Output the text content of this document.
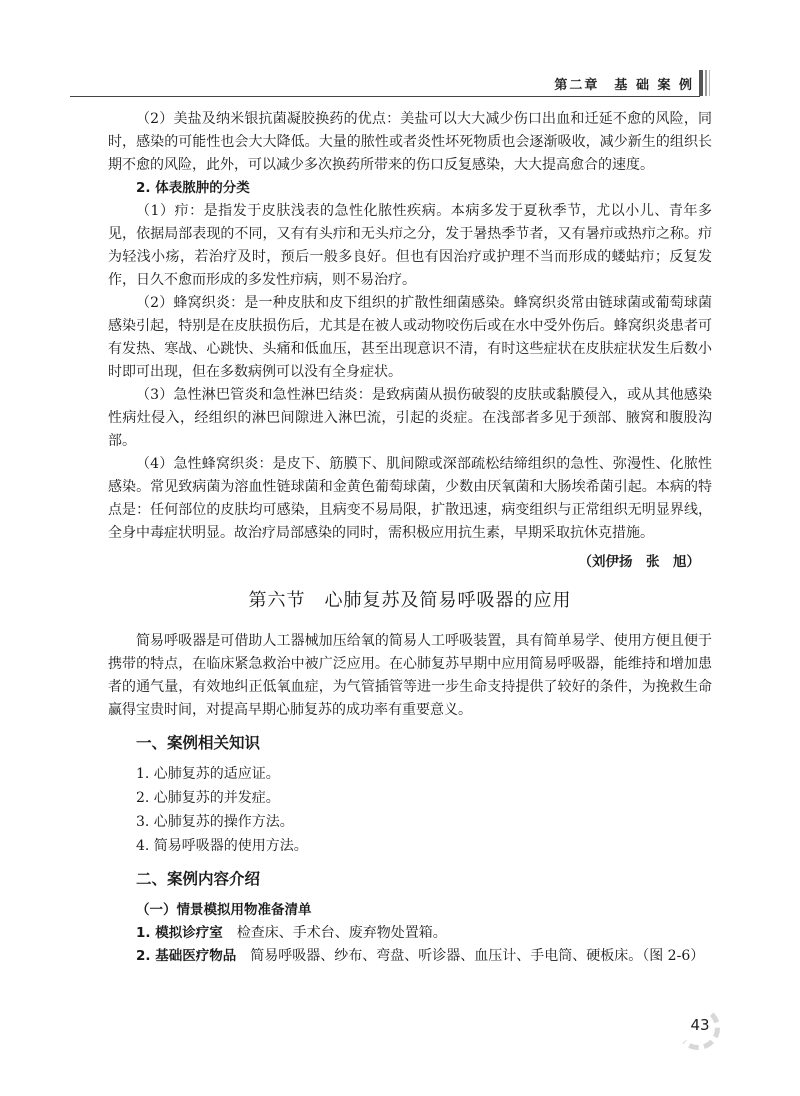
第二章　基 础 案 例

（2）美盐及纳米银抗菌凝胶换药的优点：美盐可以大大减少伤口出血和迁延不愈的风险，同时，感染的可能性也会大大降低。大量的脓性或者炎性坏死物质也会逐渐吸收，减少新生的组织长期不愈的风险，此外，可以减少多次换药所带来的伤口反复感染，大大提高愈合的速度。

2. 体表脓肿的分类

（1）疖：是指发于皮肤浅表的急性化脓性疾病。本病多发于夏秋季节，尤以小儿、青年多见，依据局部表现的不同，又有有头疖和无头疖之分，发于暑热季节者，又有暑疖或热疖之称。疖为轻浅小疡，若治疗及时，预后一般多良好。但也有因治疗或护理不当而形成的蝼蛄疖；反复发作，日久不愈而形成的多发性疖病，则不易治疗。

（2）蜂窝织炎：是一种皮肤和皮下组织的扩散性细菌感染。蜂窝织炎常由链球菌或葡萄球菌感染引起，特别是在皮肤损伤后，尤其是在被人或动物咬伤后或在水中受外伤后。蜂窝织炎患者可有发热、寒战、心跳快、头痛和低血压，甚至出现意识不清，有时这些症状在皮肤症状发生后数小时即可出现，但在多数病例可以没有全身症状。

（3）急性淋巴管炎和急性淋巴结炎：是致病菌从损伤破裂的皮肤或黏膜侵入，或从其他感染性病灶侵入，经组织的淋巴间隙进入淋巴流，引起的炎症。在浅部者多见于颈部、腋窝和腹股沟部。

（4）急性蜂窝织炎：是皮下、筋膜下、肌间隙或深部疏松结缔组织的急性、弥漫性、化脓性感染。常见致病菌为溶血性链球菌和金黄色葡萄球菌，少数由厌氧菌和大肠埃希菌引起。本病的特点是：任何部位的皮肤均可感染，且病变不易局限，扩散迅速，病变组织与正常组织无明显界线，全身中毒症状明显。故治疗局部感染的同时，需积极应用抗生素，早期采取抗休克措施。

（刘伊扬　张　旭）
第六节　心肺复苏及简易呼吸器的应用

简易呼吸器是可借助人工器械加压给氧的简易人工呼吸装置，具有简单易学、使用方便且便于携带的特点，在临床紧急救治中被广泛应用。在心肺复苏早期中应用简易呼吸器，能维持和增加患者的通气量，有效地纠正低氧血症，为气管插管等进一步生命支持提供了较好的条件，为挽救生命赢得宝贵时间，对提高早期心肺复苏的成功率有重要意义。

一、案例相关知识

1. 心肺复苏的适应证。

2. 心肺复苏的并发症。

3. 心肺复苏的操作方法。

4. 简易呼吸器的使用方法。

二、案例内容介绍

（一）情景模拟用物准备清单

1. 模拟诊疗室　检查床、手术台、废弃物处置箱。

2. 基础医疗物品　简易呼吸器、纱布、弯盘、听诊器、血压计、手电筒、硬板床。（图 2-6）

43
